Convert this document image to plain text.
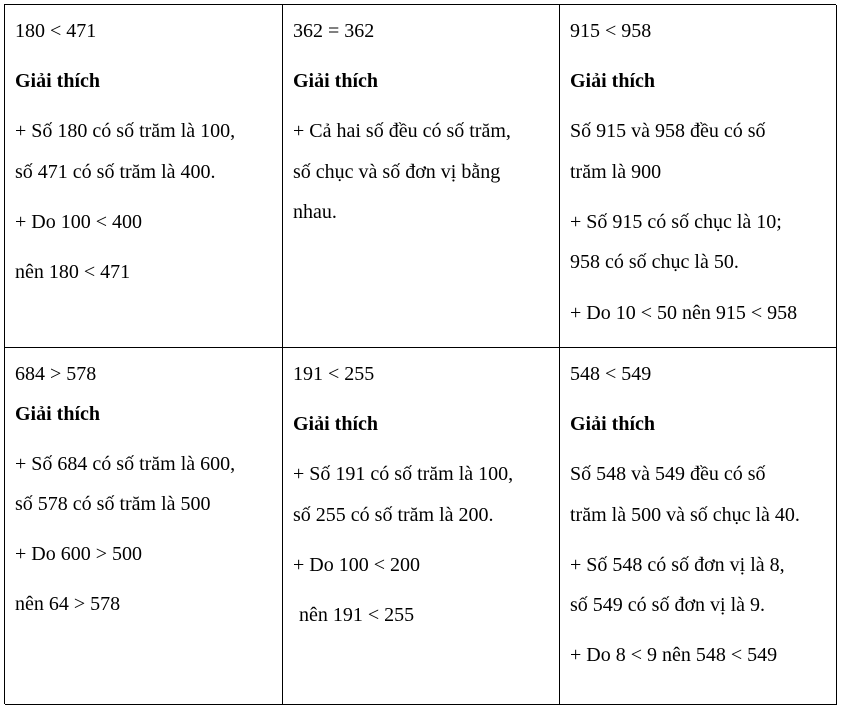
180 < 471
Giải thích
+ Số 180 có số trăm là 100,
số 471 có số trăm là 400.
+ Do 100 < 400
nên 180 < 471
362 = 362
Giải thích
+ Cả hai số đều có số trăm,
số chục và số đơn vị bằng
nhau.
915 < 958
Giải thích
Số 915 và 958 đều có số
trăm là 900
+ Số 915 có số chục là 10;
958 có số chục là 50.
+ Do 10 < 50 nên 915 < 958
684 > 578
Giải thích
+ Số 684 có số trăm là 600,
số 578 có số trăm là 500
+ Do 600 > 500
nên 64 > 578
191 < 255
Giải thích
+ Số 191 có số trăm là 100,
số 255 có số trăm là 200.
+ Do 100 < 200
nên 191 < 255
548 < 549
Giải thích
Số 548 và 549 đều có số
trăm là 500 và số chục là 40.
+ Số 548 có số đơn vị là 8,
số 549 có số đơn vị là 9.
+ Do 8 < 9 nên 548 < 549
